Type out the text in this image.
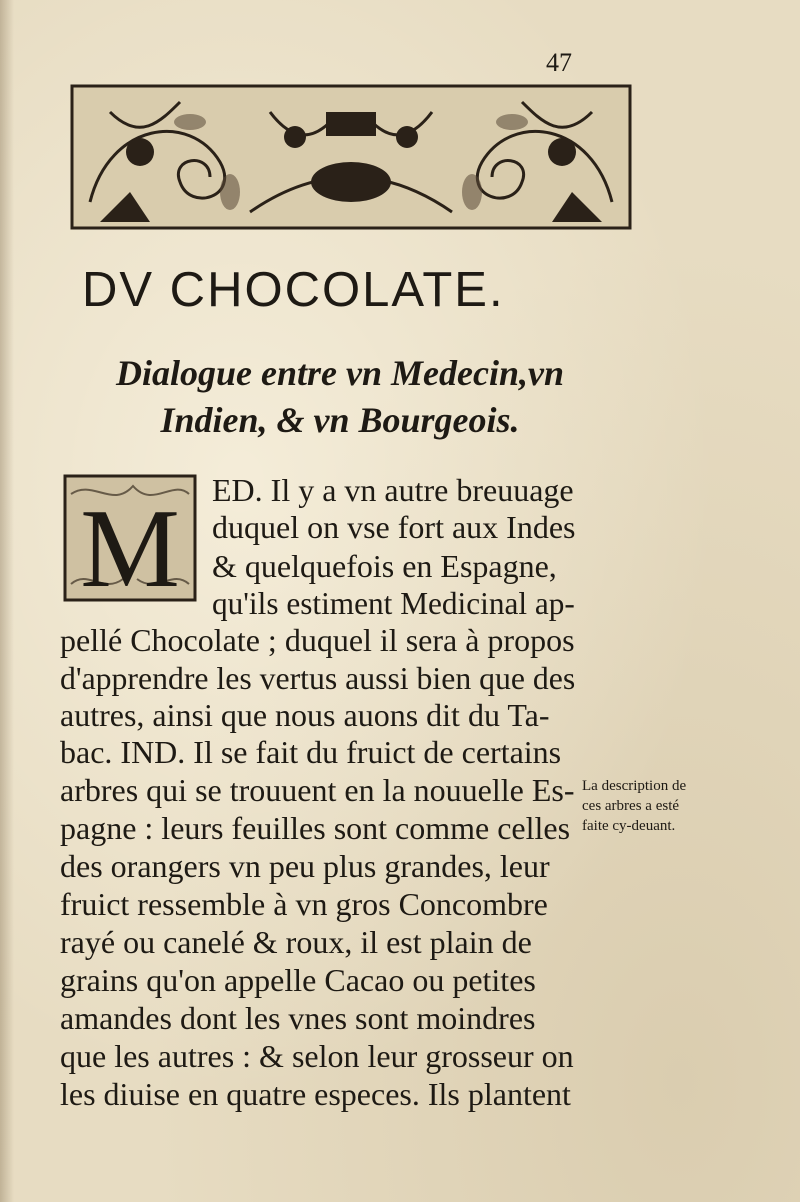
47
DV CHOCOLATE.
Dialogue entre vn Medecin,vn
Indien, & vn Bourgeois.
M ED. Il y a vn autre breuuage
duquel on vse fort aux Indes
& quelquefois en Espagne,
qu'ils estiment Medicinal ap-
pellé Chocolate ; duquel il sera à propos
d'apprendre les vertus aussi bien que des
autres, ainsi que nous auons dit du Ta-
bac. IND. Il se fait du fruict de certains
arbres qui se trouuent en la nouuelle Es-
pagne : leurs feuilles sont comme celles
des orangers vn peu plus grandes, leur
fruict ressemble à vn gros Concombre
rayé ou canelé & roux, il est plain de
grains qu'on appelle Cacao ou petites
amandes dont les vnes sont moindres
que les autres : & selon leur grosseur on
les diuise en quatre especes. Ils plantent
La description de
ces arbres a esté
faite cy-deuant.
